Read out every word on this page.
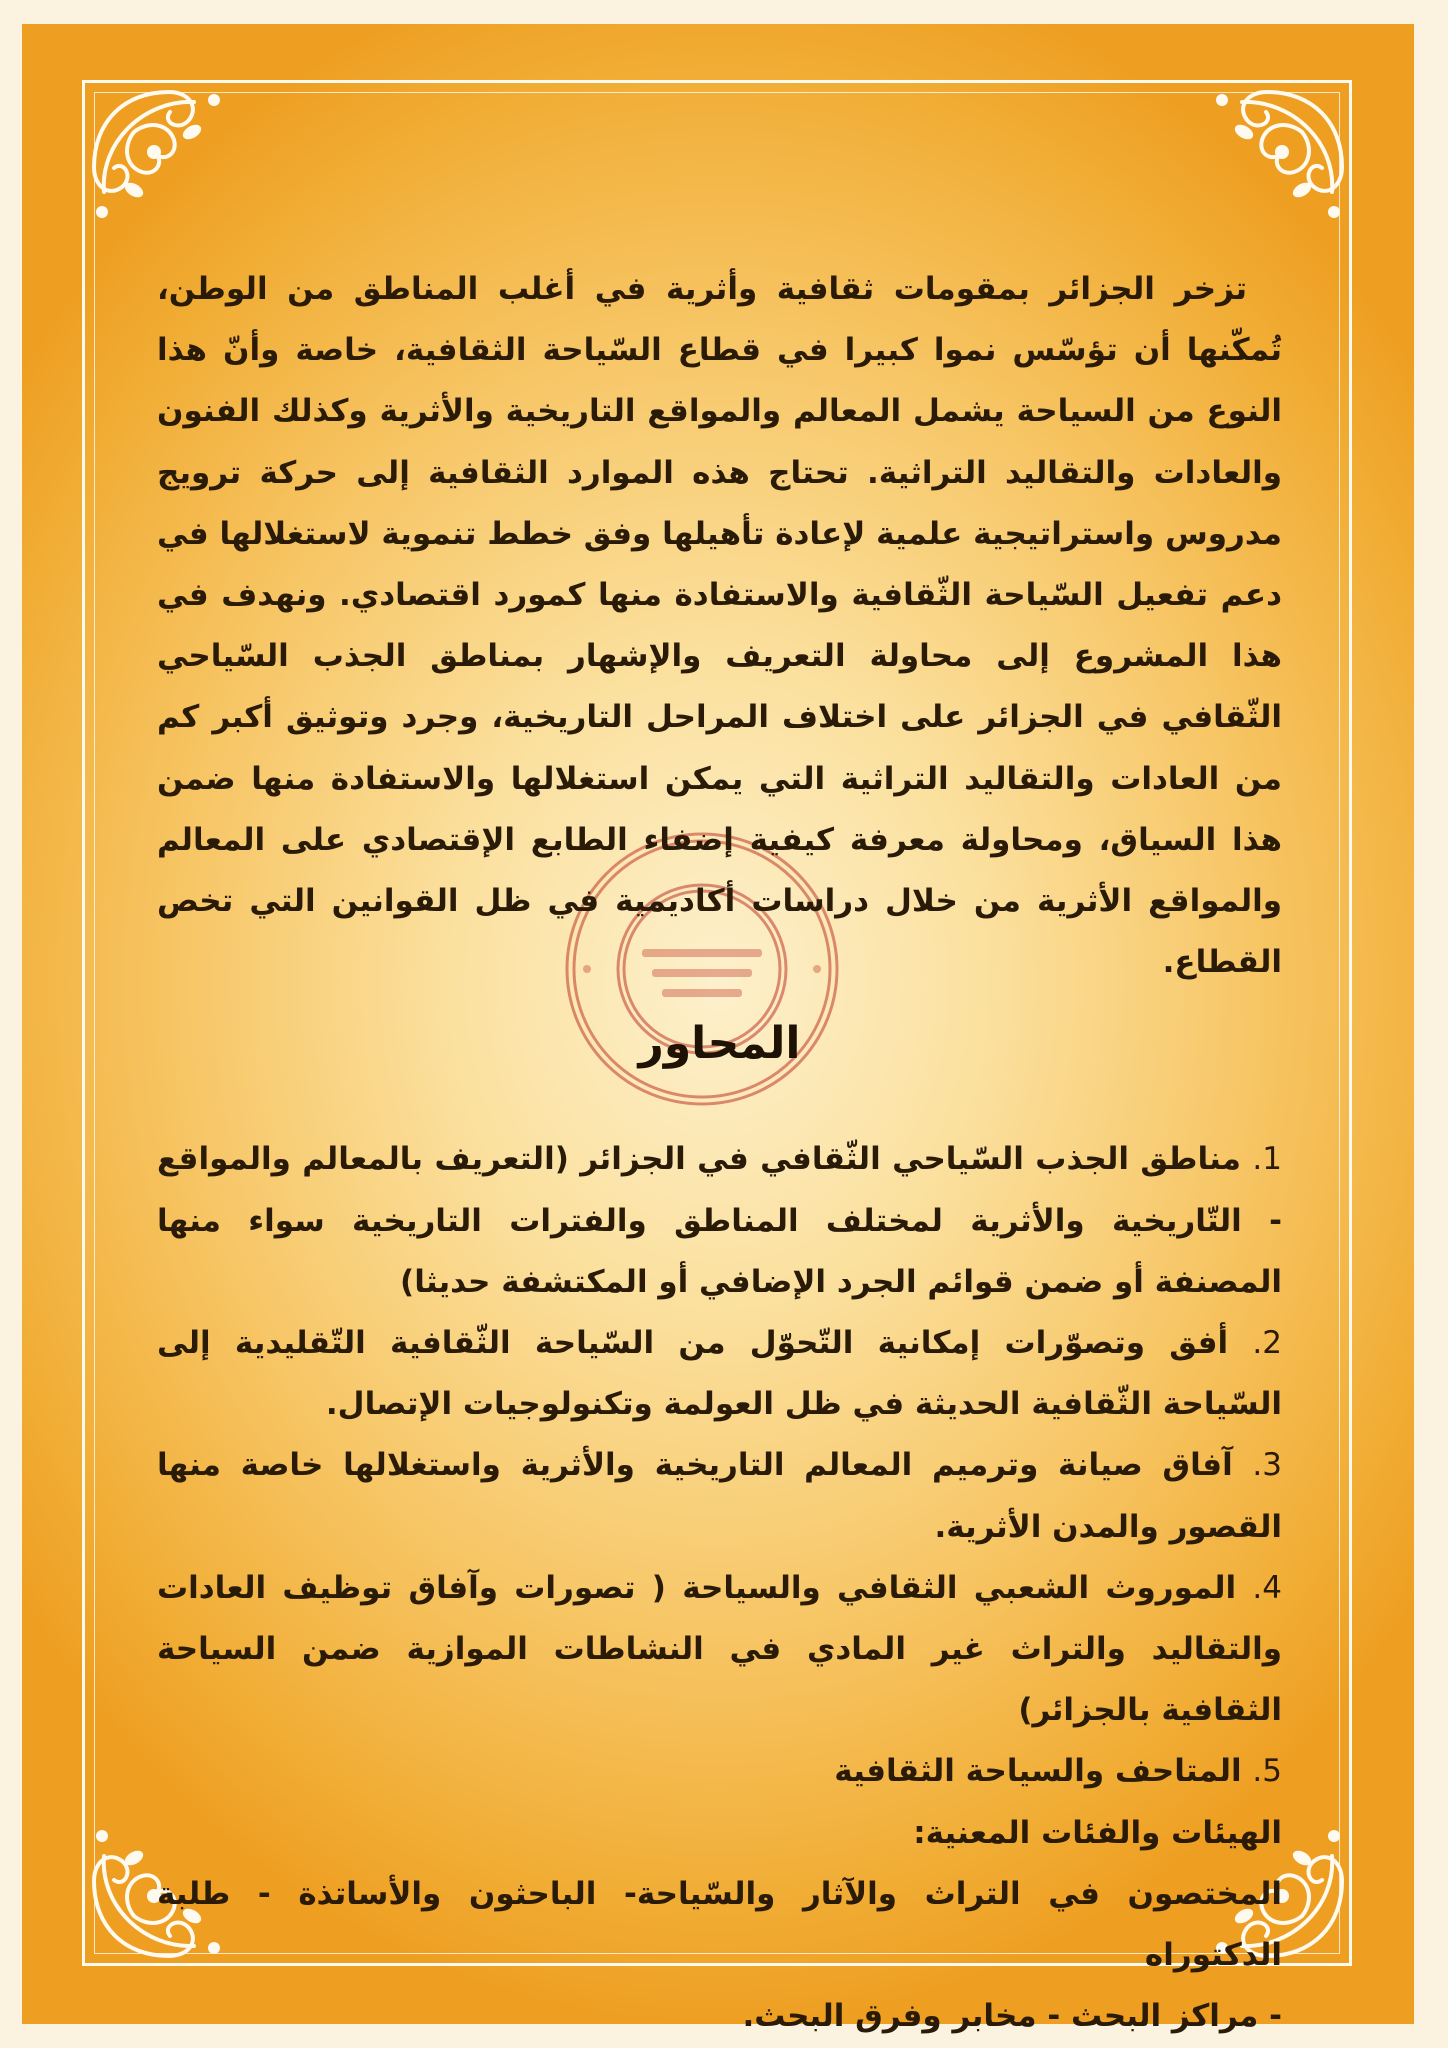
تزخر الجزائر بمقومات ثقافية وأثرية في أغلب المناطق من الوطن، تُمكّنها أن تؤسّس نموا كبيرا في قطاع السّياحة الثقافية، خاصة وأنّ هذا النوع من السياحة يشمل المعالم والمواقع التاريخية والأثرية وكذلك الفنون والعادات والتقاليد التراثية. تحتاج هذه الموارد الثقافية إلى حركة ترويج مدروس واستراتيجية علمية لإعادة تأهيلها وفق خطط تنموية لاستغلالها في دعم تفعيل السّياحة الثّقافية والاستفادة منها كمورد اقتصادي. ونهدف في هذا المشروع إلى محاولة التعريف والإشهار بمناطق الجذب السّياحي الثّقافي في الجزائر على اختلاف المراحل التاريخية، وجرد وتوثيق أكبر كم من العادات والتقاليد التراثية التي يمكن استغلالها والاستفادة منها ضمن هذا السياق، ومحاولة معرفة كيفية إضفاء الطابع الإقتصادي على المعالم والمواقع الأثرية من خلال دراسات أكاديمية في ظل القوانين التي تخص القطاع.

المحاور

1. مناطق الجذب السّياحي الثّقافي في الجزائر (التعريف بالمعالم والمواقع - التّاريخية والأثرية لمختلف المناطق والفترات التاريخية سواء منها المصنفة أو ضمن قوائم الجرد الإضافي أو المكتشفة حديثا)

2. أفق وتصوّرات إمكانية التّحوّل من السّياحة الثّقافية التّقليدية إلى السّياحة الثّقافية الحديثة في ظل العولمة وتكنولوجيات الإتصال.

3. آفاق صيانة وترميم المعالم التاريخية والأثرية واستغلالها خاصة منها القصور والمدن الأثرية.

4. الموروث الشعبي الثقافي والسياحة ( تصورات وآفاق توظيف العادات والتقاليد والتراث غير المادي في النشاطات الموازية ضمن السياحة الثقافية بالجزائر)

5. المتاحف والسياحة الثقافية

الهيئات والفئات المعنية:

المختصون في التراث والآثار والسّياحة- الباحثون والأساتذة - طلبة الدكتوراه

- مراكز البحث - مخابر وفرق البحث.
